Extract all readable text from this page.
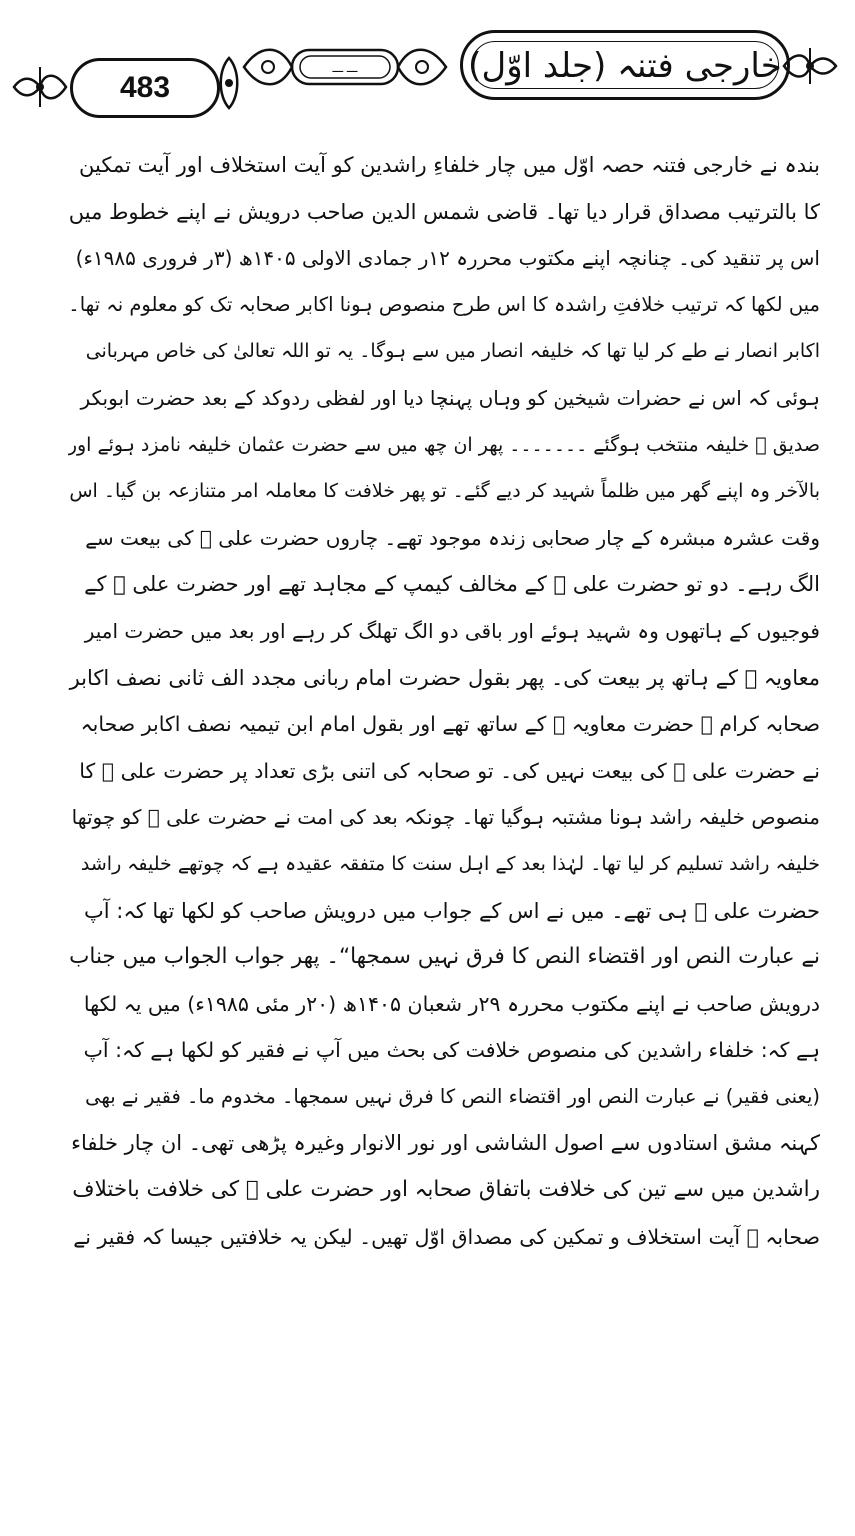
خارجی فتنہ (جلد اوّل)
ـــ ـــ
483
بندہ نے خارجی فتنہ حصہ اوّل میں چار خلفاءِ راشدین کو آیت استخلاف اور آیت تمکین
کا بالترتیب مصداق قرار دیا تھا۔ قاضی شمس الدین صاحب درویش نے اپنے خطوط میں
اس پر تنقید کی۔ چنانچہ اپنے مکتوب محررہ ۱۲ر جمادی الاولی ۱۴۰۵ھ (۳ر فروری ۱۹۸۵ء)
میں لکھا کہ ترتیب خلافتِ راشدہ کا اس طرح منصوص ہونا اکابر صحابہ تک کو معلوم نہ تھا۔
اکابر انصار نے طے کر لیا تھا کہ خلیفہ انصار میں سے ہوگا۔ یہ تو اللہ تعالیٰ کی خاص مہربانی
ہوئی کہ اس نے حضرات شیخین کو وہاں پہنچا دیا اور لفظی ردوکد کے بعد حضرت ابوبکر
صدیق ﷛ خلیفہ منتخب ہوگئے ۔۔۔۔۔۔۔ پھر ان چھ میں سے حضرت عثمان خلیفہ نامزد ہوئے اور
بالآخر وہ اپنے گھر میں ظلماً شہید کر دیے گئے۔ تو پھر خلافت کا معاملہ امر متنازعہ بن گیا۔ اس
وقت عشرہ مبشرہ کے چار صحابی زندہ موجود تھے۔ چاروں حضرت علی ﷛ کی بیعت سے
الگ رہے۔ دو تو حضرت علی ﷛ کے مخالف کیمپ کے مجاہد تھے اور حضرت علی ﷛ کے
فوجیوں کے ہاتھوں وہ شہید ہوئے اور باقی دو الگ تھلگ کر رہے اور بعد میں حضرت امیر
معاویہ ﷛ کے ہاتھ پر بیعت کی۔ پھر بقول حضرت امام ربانی مجدد الف ثانی نصف اکابر
صحابہ کرام ﷡ حضرت معاویہ ﷛ کے ساتھ تھے اور بقول امام ابن تیمیہ نصف اکابر صحابہ
نے حضرت علی ﷛ کی بیعت نہیں کی۔ تو صحابہ کی اتنی بڑی تعداد پر حضرت علی ﷛ کا
منصوص خلیفہ راشد ہونا مشتبہ ہوگیا تھا۔ چونکہ بعد کی امت نے حضرت علی ﷛ کو چوتھا
خلیفہ راشد تسلیم کر لیا تھا۔ لہٰذا بعد کے اہل سنت کا متفقہ عقیدہ ہے کہ چوتھے خلیفہ راشد
حضرت علی ﷛ ہی تھے۔ میں نے اس کے جواب میں درویش صاحب کو لکھا تھا کہ: آپ
نے عبارت النص اور اقتضاء النص کا فرق نہیں سمجھا“۔ پھر جواب الجواب میں جناب
درویش صاحب نے اپنے مکتوب محررہ ۲۹ر شعبان ۱۴۰۵ھ (۲۰ر مئی ۱۹۸۵ء) میں یہ لکھا
ہے کہ: خلفاء راشدین کی منصوص خلافت کی بحث میں آپ نے فقیر کو لکھا ہے کہ: آپ
(یعنی فقیر) نے عبارت النص اور اقتضاء النص کا فرق نہیں سمجھا۔ مخدوم ما۔ فقیر نے بھی
کہنہ مشق استادوں سے اصول الشاشی اور نور الانوار وغیرہ پڑھی تھی۔ ان چار خلفاء
راشدین میں سے تین کی خلافت باتفاق صحابہ اور حضرت علی ﷛ کی خلافت باختلاف
صحابہ ﷡ آیت استخلاف و تمکین کی مصداق اوّل تھیں۔ لیکن یہ خلافتیں جیسا کہ فقیر نے
